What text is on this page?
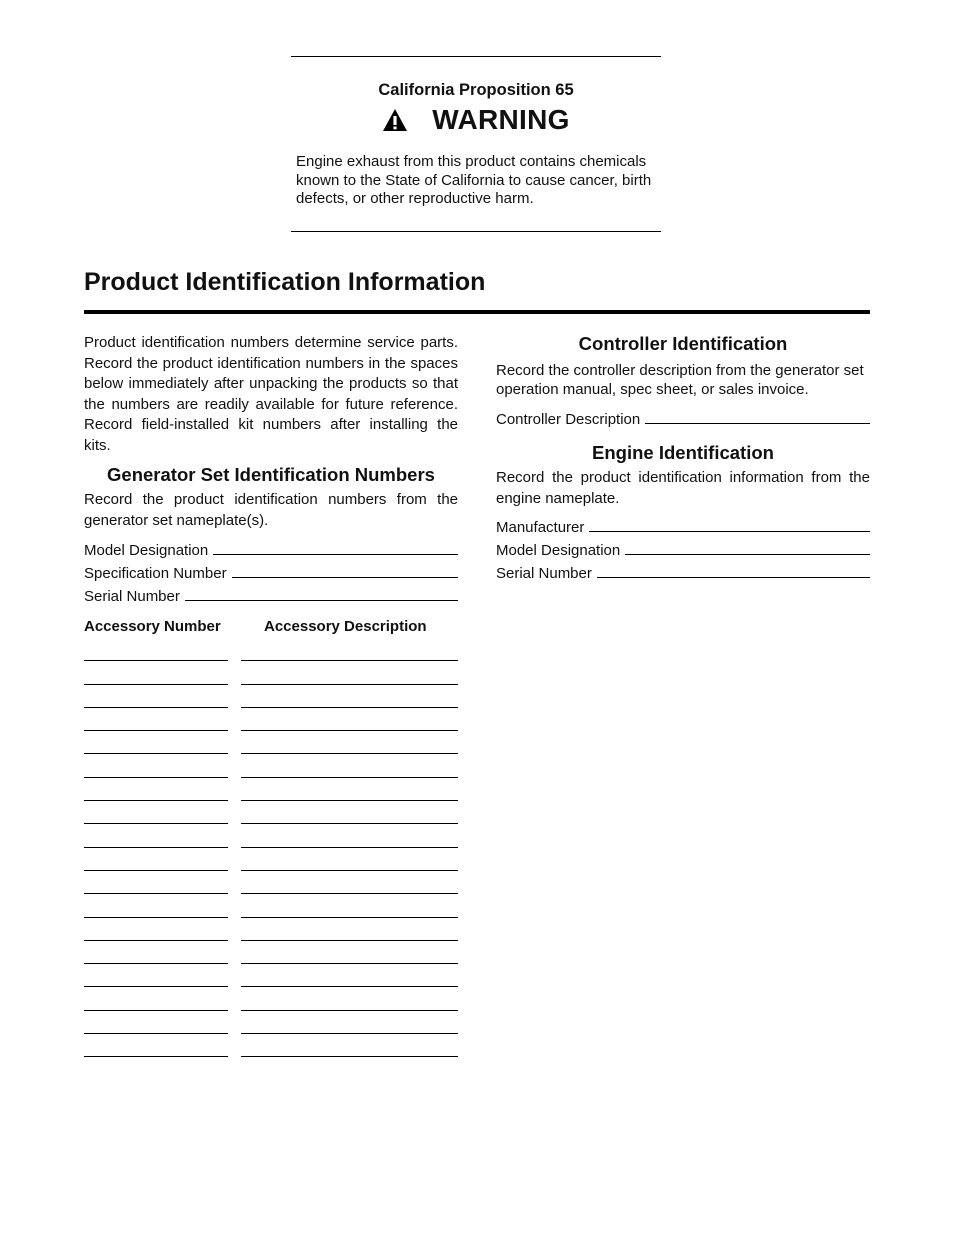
California Proposition 65
WARNING
Engine exhaust from this product contains chemicals known to the State of California to cause cancer, birth defects, or other reproductive harm.
Product Identification Information

Product identification numbers determine service parts. Record the product identification numbers in the spaces below immediately after unpacking the products so that the numbers are readily available for future reference. Record field-installed kit numbers after installing the kits.

Generator Set Identification Numbers

Record the product identification numbers from the generator set nameplate(s).

Model Designation
Specification Number
Serial Number
Accessory Number	Accessory Description
Controller Identification

Record the controller description from the generator set operation manual, spec sheet, or sales invoice.

Controller Description
Engine Identification

Record the product identification information from the engine nameplate.

Manufacturer
Model Designation
Serial Number
